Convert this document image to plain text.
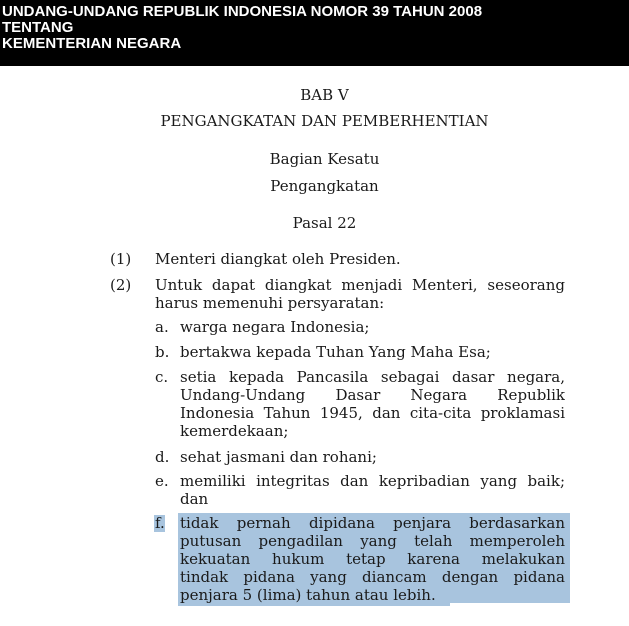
UNDANG-UNDANG REPUBLIK INDONESIA NOMOR 39 TAHUN 2008
TENTANG
KEMENTERIAN NEGARA
BAB V
PENGANGKATAN DAN PEMBERHENTIAN
Bagian Kesatu
Pengangkatan
Pasal 22
(1) Menteri diangkat oleh Presiden.
(2) Untuk dapat diangkat menjadi Menteri, seseorang
harus memenuhi persyaratan:
a. warga negara Indonesia;
b. bertakwa kepada Tuhan Yang Maha Esa;
c. setia kepada Pancasila sebagai dasar negara,
Undang-Undang Dasar Negara Republik
Indonesia Tahun 1945, dan cita-cita proklamasi
kemerdekaan;
d. sehat jasmani dan rohani;
e. memiliki integritas dan kepribadian yang baik;
dan
f. tidak pernah dipidana penjara berdasarkan
putusan pengadilan yang telah memperoleh
kekuatan hukum tetap karena melakukan
tindak pidana yang diancam dengan pidana
penjara 5 (lima) tahun atau lebih.
